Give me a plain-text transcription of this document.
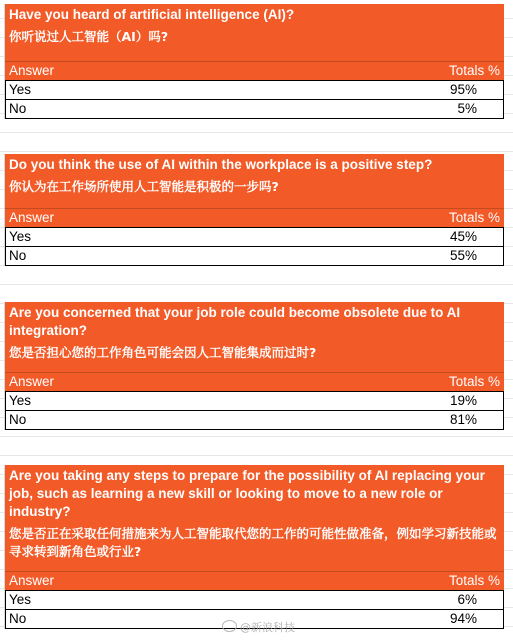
Have you heard of artificial intelligence (AI)?
你听说过人工智能（AI）吗?
Answer	Totals %
Yes	95%
No	5%
Do you think the use of AI within the workplace is a positive step?
你认为在工作场所使用人工智能是积极的一步吗?
Answer	Totals %
Yes	45%
No	55%
Are you concerned that your job role could become obsolete due to AI integration?
您是否担心您的工作角色可能会因人工智能集成而过时?
Answer	Totals %
Yes	19%
No	81%
Are you taking any steps to prepare for the possibility of AI replacing your job, such as learning a new skill or looking to move to a new role or industry?
您是否正在采取任何措施来为人工智能取代您的工作的可能性做准备，例如学习新技能或寻求转到新角色或行业?
Answer	Totals %
Yes	6%
No	94%
@新浪科技
